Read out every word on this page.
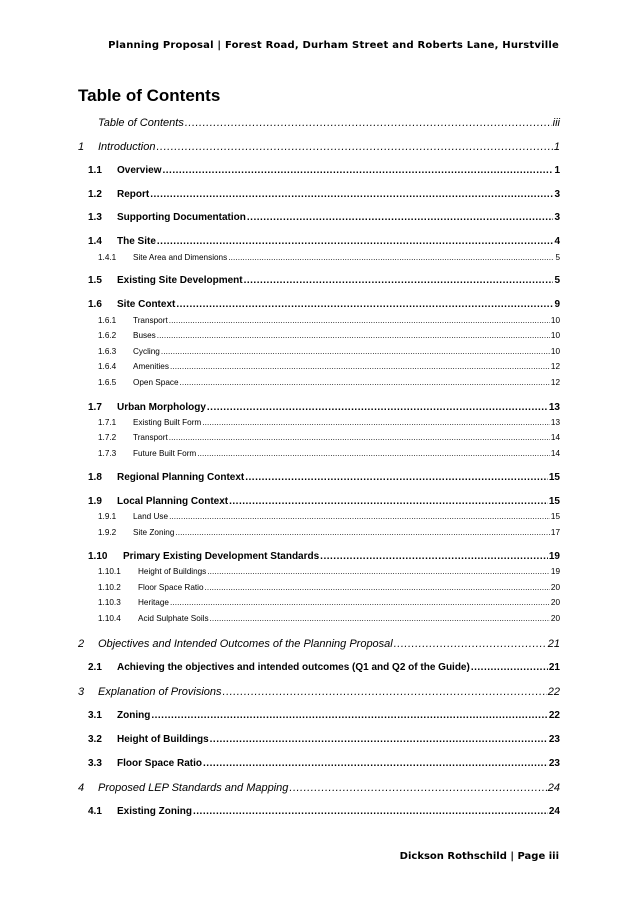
Planning Proposal | Forest Road, Durham Street and Roberts Lane, Hurstville
Table of Contents
Table of Contents .....	iii
1	Introduction .....	1
1.1	Overview .....	1
1.2	Report .....	3
1.3	Supporting Documentation .....	3
1.4	The Site .....	4
1.4.1	Site Area and Dimensions .....	5
1.5	Existing Site Development .....	5
1.6	Site Context .....	9
1.6.1	Transport .....	10
1.6.2	Buses .....	10
1.6.3	Cycling .....	10
1.6.4	Amenities .....	12
1.6.5	Open Space .....	12
1.7	Urban Morphology .....	13
1.7.1	Existing Built Form .....	13
1.7.2	Transport .....	14
1.7.3	Future Built Form .....	14
1.8	Regional Planning Context .....	15
1.9	Local Planning Context .....	15
1.9.1	Land Use .....	15
1.9.2	Site Zoning .....	17
1.10	Primary Existing Development Standards .....	19
1.10.1	Height of Buildings .....	19
1.10.2	Floor Space Ratio .....	20
1.10.3	Heritage .....	20
1.10.4	Acid Sulphate Soils .....	20
2	Objectives and Intended Outcomes of the Planning Proposal .....	21
2.1	Achieving the objectives and intended outcomes (Q1 and Q2 of the Guide) .....	21
3	Explanation of Provisions .....	22
3.1	Zoning .....	22
3.2	Height of Buildings .....	23
3.3	Floor Space Ratio .....	23
4	Proposed LEP Standards and Mapping .....	24
4.1	Existing Zoning .....	24
Dickson Rothschild | Page iii
